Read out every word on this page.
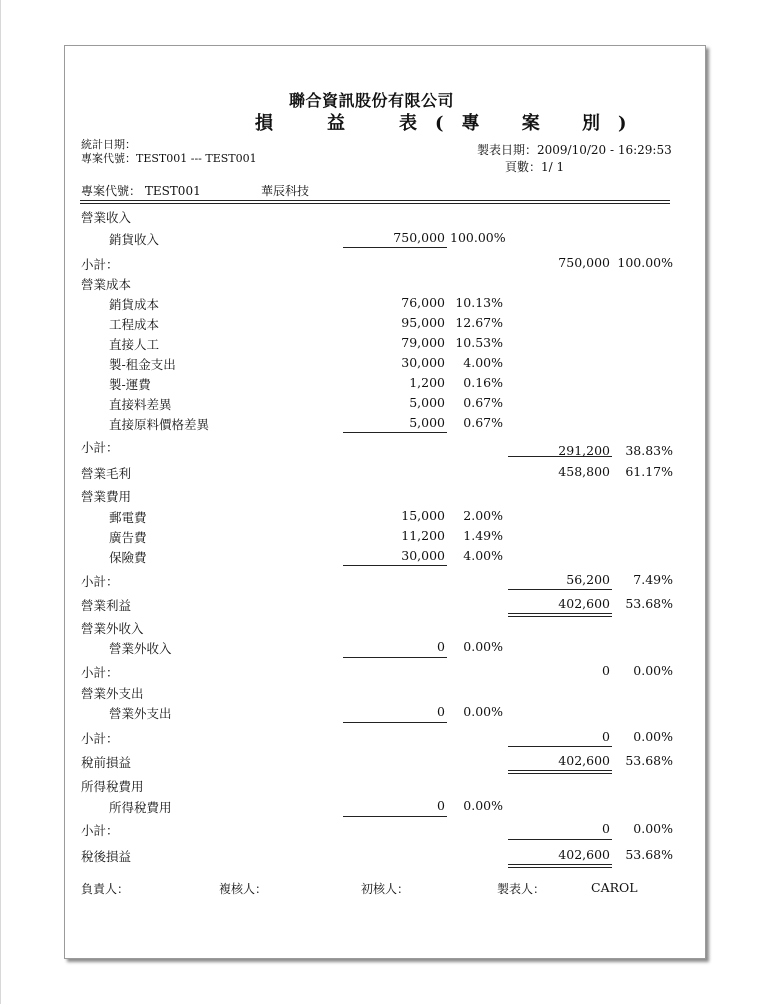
聯合資訊股份有限公司
損　益　表(專 案 別)
統計日期：
專案代號：TEST001 --- TEST001
製表日期：2009/10/20 - 16:29:53
頁數：1/ 1
專案代號： TEST001	華辰科技
營業收入
銷貨收入	750,000 100.00%
小計：	750,000 100.00%
營業成本
銷貨成本	76,000 10.13%
工程成本	95,000 12.67%
直接人工	79,000 10.53%
製-租金支出	30,000	4.00%
製-運費	1,200	0.16%
直接料差異	5,000	0.67%
直接原料價格差異	5,000	0.67%
小計：	291,200	38.83%
營業毛利	458,800	61.17%
營業費用
郵電費	15,000	2.00%
廣告費	11,200	1.49%
保險費	30,000	4.00%
小計：	56,200	7.49%
營業利益	402,600	53.68%
營業外收入
營業外收入	0	0.00%
小計：	0	0.00%
營業外支出
營業外支出	0	0.00%
小計：	0	0.00%
稅前損益	402,600	53.68%
所得稅費用
所得稅費用	0	0.00%
小計：	0	0.00%
稅後損益	402,600	53.68%
負責人：	複核人：	初核人：	製表人：	CAROL
